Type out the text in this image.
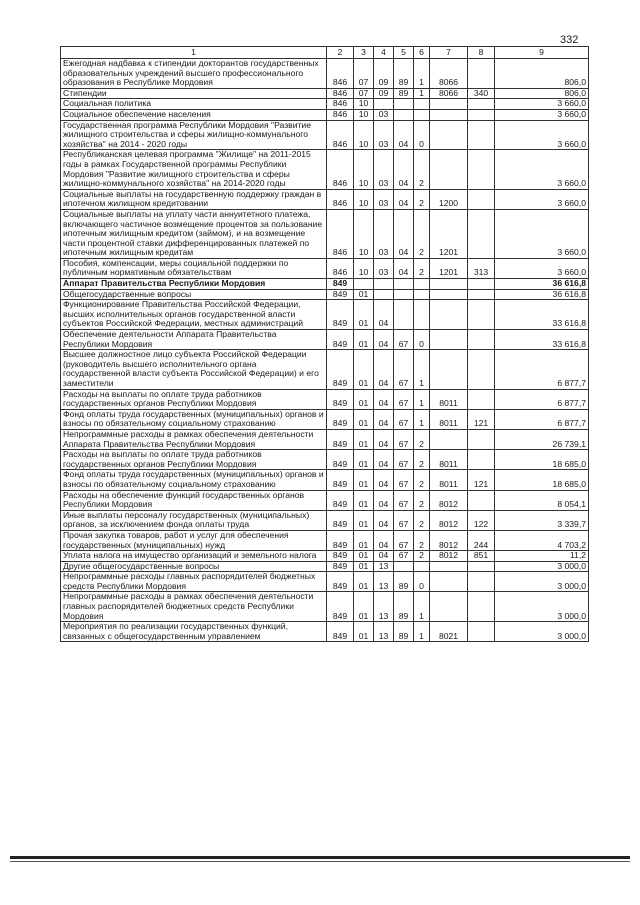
332
1	2	3	4	5	6	7	8	9
Ежегодная надбавка к стипендии докторантов государственных образовательных учреждений высшего профессионального образования в Республике Мордовия	846	07	09	89	1	8066		806,0
Стипендии	846	07	09	89	1	8066	340	806,0
Социальная политика	846	10						3 660,0
Социальное обеспечение населения	846	10	03					3 660,0
Государственная программа Республики Мордовия "Развитие жилищного строительства и сферы жилищно-коммунального хозяйства" на 2014 - 2020 годы	846	10	03	04	0			3 660,0
Республиканская целевая программа "Жилище" на 2011-2015 годы в рамках Государственной программы Республики Мордовия "Развитие жилищного строительства и сферы жилищно-коммунального хозяйства" на 2014-2020 годы	846	10	03	04	2			3 660,0
Социальные выплаты на государственную поддержку граждан в ипотечном жилищном кредитовании	846	10	03	04	2	1200		3 660,0
Социальные выплаты на уплату части аннуитетного платежа, включающего частичное возмещение процентов за пользование ипотечным жилищным кредитом (займом), и на возмещение части процентной ставки дифференцированных платежей по ипотечным жилищным кредитам	846	10	03	04	2	1201		3 660,0
Пособия, компенсации, меры социальной поддержки по публичным нормативным обязательствам	846	10	03	04	2	1201	313	3 660,0
Аппарат Правительства Республики Мордовия	849							36 616,8
Общегосударственные вопросы	849	01						36 616,8
Функционирование Правительства Российской Федерации, высших исполнительных органов государственной власти субъектов Российской Федерации, местных администраций	849	01	04					33 616,8
Обеспечение деятельности Аппарата Правительства Республики Мордовия	849	01	04	67	0			33 616,8
Высшее должностное лицо субъекта Российской Федерации (руководитель высшего исполнительного органа государственной власти субъекта Российской Федерации) и его заместители	849	01	04	67	1			6 877,7
Расходы на выплаты по оплате труда работников государственных органов Республики Мордовия	849	01	04	67	1	8011		6 877,7
Фонд оплаты труда государственных (муниципальных) органов и взносы по обязательному социальному страхованию	849	01	04	67	1	8011	121	6 877,7
Непрограммные расходы в рамках обеспечения деятельности Аппарата Правительства Республики Мордовия	849	01	04	67	2			26 739,1
Расходы на выплаты по оплате труда работников государственных органов Республики Мордовия	849	01	04	67	2	8011		18 685,0
Фонд оплаты труда государственных (муниципальных) органов и взносы по обязательному социальному страхованию	849	01	04	67	2	8011	121	18 685,0
Расходы на обеспечение функций государственных органов Республики Мордовия	849	01	04	67	2	8012		8 054,1
Иные выплаты персоналу государственных (муниципальных) органов, за исключением фонда оплаты труда	849	01	04	67	2	8012	122	3 339,7
Прочая закупка товаров, работ и услуг для обеспечения государственных (муниципальных) нужд	849	01	04	67	2	8012	244	4 703,2
Уплата налога на имущество организаций и земельного налога	849	01	04	67	2	8012	851	11,2
Другие общегосударственные вопросы	849	01	13					3 000,0
Непрограммные расходы главных распорядителей бюджетных средств Республики Мордовия	849	01	13	89	0			3 000,0
Непрограммные расходы в рамках обеспечения деятельности главных распорядителей бюджетных средств Республики Мордовия	849	01	13	89	1			3 000,0
Мероприятия по реализации государственных функций, связанных с общегосударственным управлением	849	01	13	89	1	8021		3 000,0
